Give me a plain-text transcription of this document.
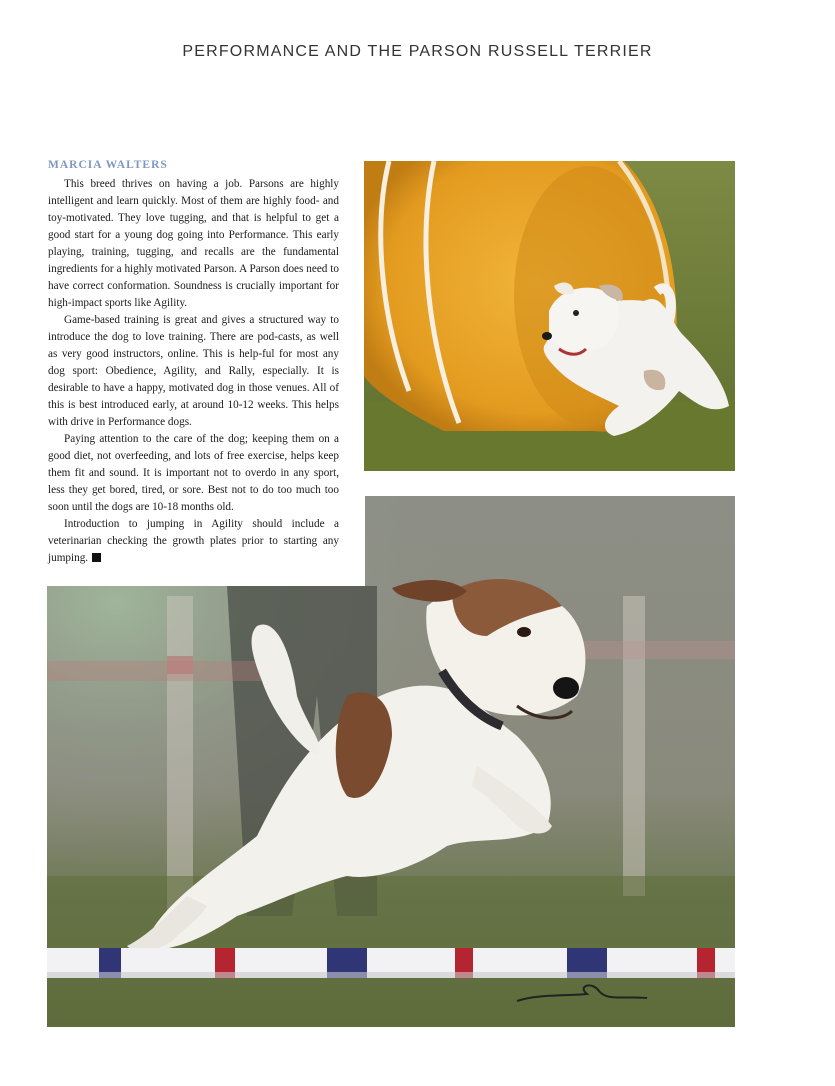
PERFORMANCE AND THE PARSON RUSSELL TERRIER
MARCIA WALTERS

This breed thrives on having a job. Parsons are highly intelligent and learn quickly. Most of them are highly food- and toy-motivated. They love tugging, and that is helpful to get a good start for a young dog going into Performance. This early playing, training, tugging, and recalls are the fundamental ingredients for a highly motivated Parson. A Parson does need to have correct conformation. Soundness is crucially important for high-impact sports like Agility.

Game-based training is great and gives a structured way to introduce the dog to love training. There are pod-casts, as well as very good instructors, online. This is help-ful for most any dog sport: Obedience, Agility, and Rally, especially. It is desirable to have a happy, motivated dog in those venues. All of this is best introduced early, at around 10-12 weeks. This helps with drive in Performance dogs.

Paying attention to the care of the dog; keeping them on a good diet, not overfeeding, and lots of free exercise, helps keep them fit and sound. It is important not to overdo in any sport, less they get bored, tired, or sore. Best not to do too much too soon until the dogs are 10-18 months old.

Introduction to jumping in Agility should include a veterinarian checking the growth plates prior to starting any jumping.
